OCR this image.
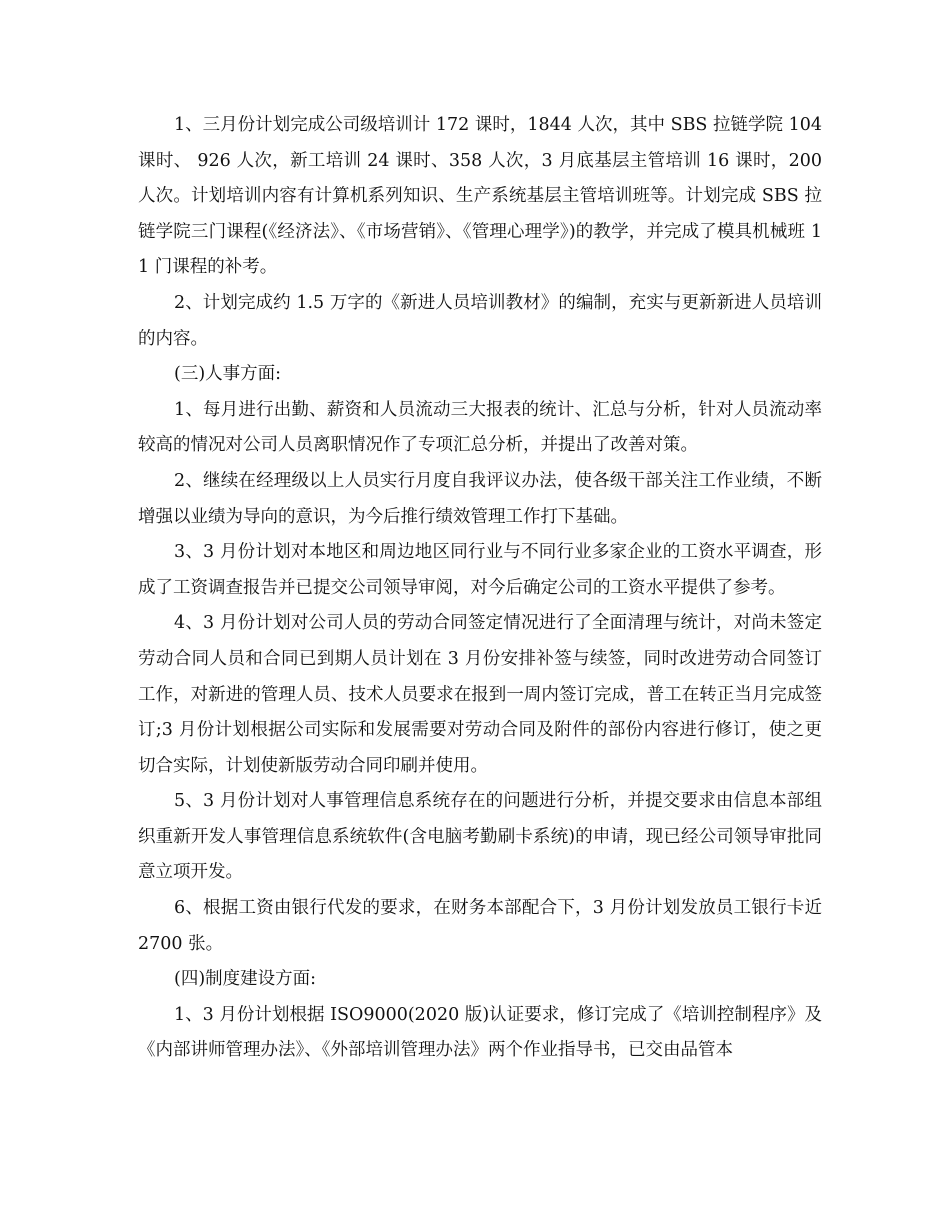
1、三月份计划完成公司级培训计 172 课时，1844 人次，其中 SBS 拉链学院 104 课时、 926 人次，新工培训 24 课时、358 人次，3 月底基层主管培训 16 课时，200 人次。计划培训内容有计算机系列知识、生产系统基层主管培训班等。计划完成 SBS 拉链学院三门课程(《经济法》、《市场营销》、《管理心理学》)的教学，并完成了模具机械班 11 门课程的补考。

2、计划完成约 1.5 万字的《新进人员培训教材》的编制，充实与更新新进人员培训的内容。

(三)人事方面:

1、每月进行出勤、薪资和人员流动三大报表的统计、汇总与分析，针对人员流动率较高的情况对公司人员离职情况作了专项汇总分析，并提出了改善对策。

2、继续在经理级以上人员实行月度自我评议办法，使各级干部关注工作业绩，不断增强以业绩为导向的意识，为今后推行绩效管理工作打下基础。

3、3 月份计划对本地区和周边地区同行业与不同行业多家企业的工资水平调查，形成了工资调查报告并已提交公司领导审阅，对今后确定公司的工资水平提供了参考。

4、3 月份计划对公司人员的劳动合同签定情况进行了全面清理与统计，对尚未签定劳动合同人员和合同已到期人员计划在 3 月份安排补签与续签，同时改进劳动合同签订工作，对新进的管理人员、技术人员要求在报到一周内签订完成，普工在转正当月完成签订;3 月份计划根据公司实际和发展需要对劳动合同及附件的部份内容进行修订，使之更切合实际，计划使新版劳动合同印刷并使用。

5、3 月份计划对人事管理信息系统存在的问题进行分析，并提交要求由信息本部组织重新开发人事管理信息系统软件(含电脑考勤刷卡系统)的申请，现已经公司领导审批同意立项开发。

6、根据工资由银行代发的要求，在财务本部配合下，3 月份计划发放员工银行卡近 2700 张。

(四)制度建设方面:

1、3 月份计划根据 ISO9000(2020 版)认证要求，修订完成了《培训控制程序》及《内部讲师管理办法》、《外部培训管理办法》两个作业指导书，已交由品管本
